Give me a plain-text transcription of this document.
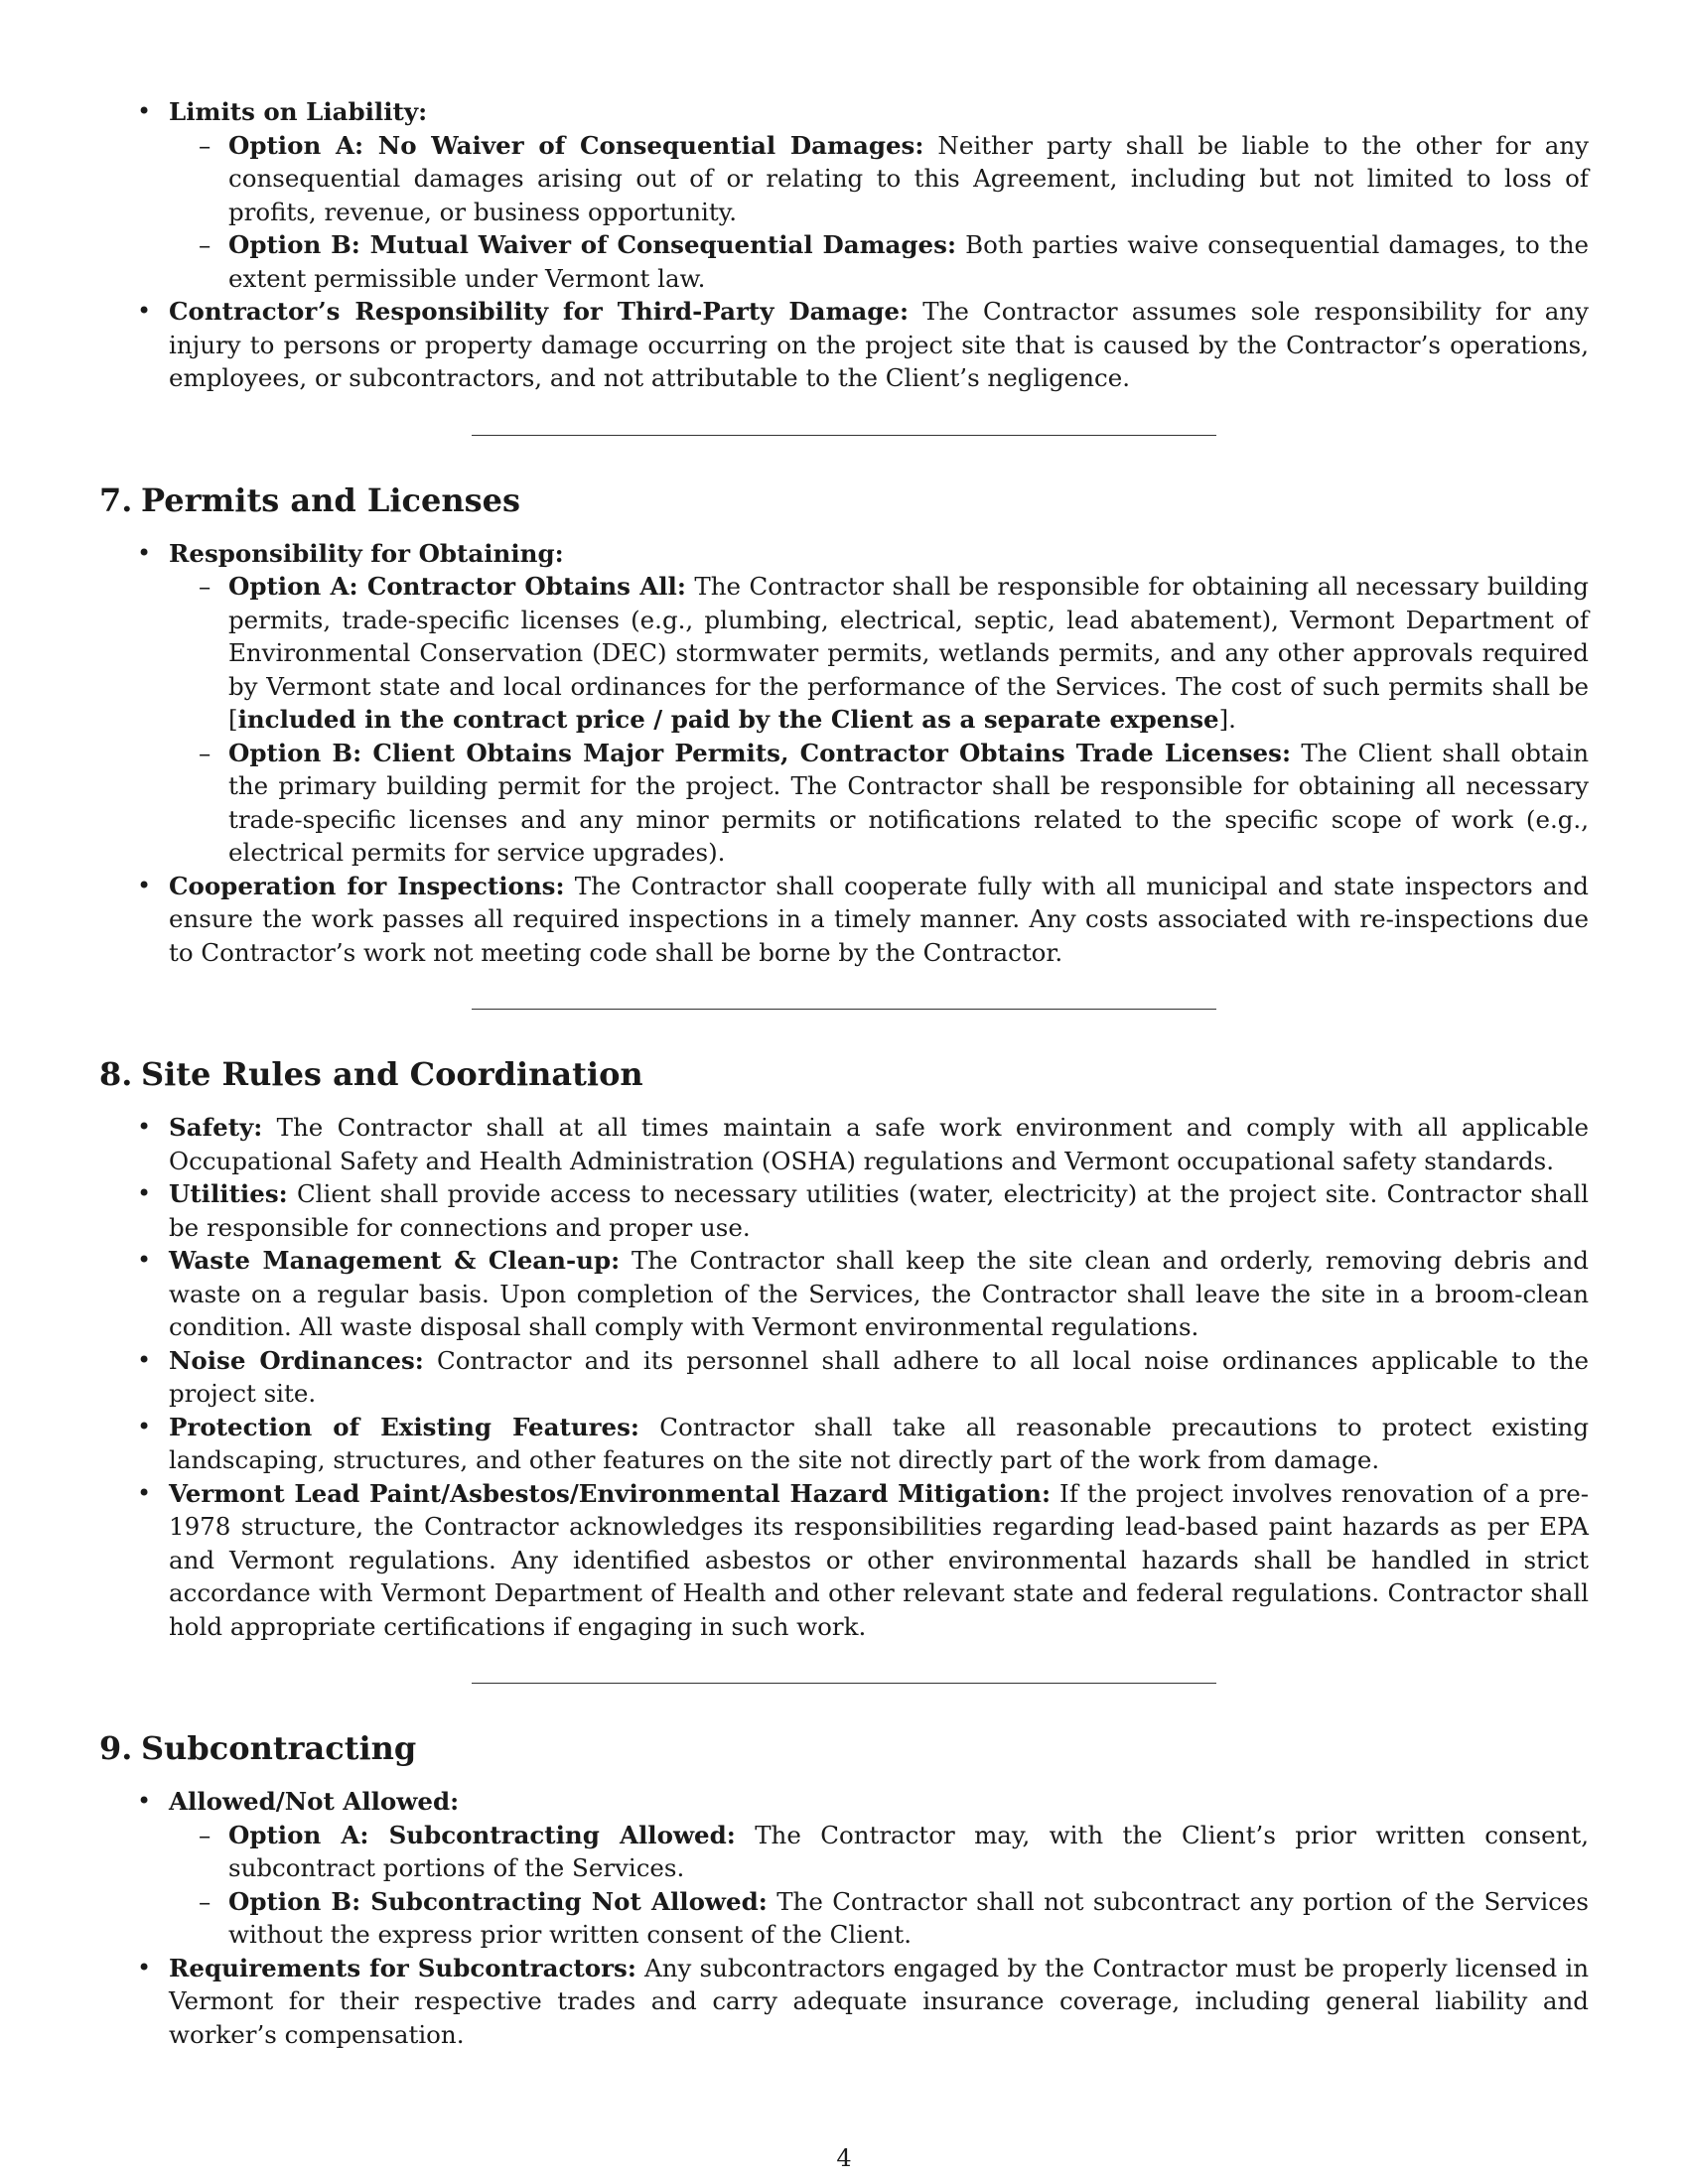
• Limits on Liability:
– Option A: No Waiver of Consequential Damages: Neither party shall be liable to the other for any consequential damages arising out of or relating to this Agreement, including but not limited to loss of profits, revenue, or business opportunity.
– Option B: Mutual Waiver of Consequential Damages: Both parties waive consequential damages, to the extent permissible under Vermont law.
• Contractor’s Responsibility for Third-Party Damage: The Contractor assumes sole responsibility for any injury to persons or property damage occurring on the project site that is caused by the Contractor’s operations, employees, or subcontractors, and not attributable to the Client’s negligence.
7. Permits and Licenses
• Responsibility for Obtaining:
– Option A: Contractor Obtains All: The Contractor shall be responsible for obtaining all necessary building permits, trade-specific licenses (e.g., plumbing, electrical, septic, lead abatement), Vermont Department of Environmental Conservation (DEC) stormwater permits, wetlands permits, and any other approvals required by Vermont state and local ordinances for the performance of the Services. The cost of such permits shall be [included in the contract price / paid by the Client as a separate expense].
– Option B: Client Obtains Major Permits, Contractor Obtains Trade Licenses: The Client shall obtain the primary building permit for the project. The Contractor shall be responsible for obtaining all necessary trade-specific licenses and any minor permits or notifications related to the specific scope of work (e.g., electrical permits for service upgrades).
• Cooperation for Inspections: The Contractor shall cooperate fully with all municipal and state inspectors and ensure the work passes all required inspections in a timely manner. Any costs associated with re-inspections due to Contractor’s work not meeting code shall be borne by the Contractor.
8. Site Rules and Coordination
• Safety: The Contractor shall at all times maintain a safe work environment and comply with all applicable Occupational Safety and Health Administration (OSHA) regulations and Vermont occupational safety standards.
• Utilities: Client shall provide access to necessary utilities (water, electricity) at the project site. Contractor shall be responsible for connections and proper use.
• Waste Management & Clean-up: The Contractor shall keep the site clean and orderly, removing debris and waste on a regular basis. Upon completion of the Services, the Contractor shall leave the site in a broom-clean condition. All waste disposal shall comply with Vermont environmental regulations.
• Noise Ordinances: Contractor and its personnel shall adhere to all local noise ordinances applicable to the project site.
• Protection of Existing Features: Contractor shall take all reasonable precautions to protect existing landscaping, structures, and other features on the site not directly part of the work from damage.
• Vermont Lead Paint/Asbestos/Environmental Hazard Mitigation: If the project involves renovation of a pre-1978 structure, the Contractor acknowledges its responsibilities regarding lead-based paint hazards as per EPA and Vermont regulations. Any identified asbestos or other environmental hazards shall be handled in strict accordance with Vermont Department of Health and other relevant state and federal regulations. Contractor shall hold appropriate certifications if engaging in such work.
9. Subcontracting
• Allowed/Not Allowed:
– Option A: Subcontracting Allowed: The Contractor may, with the Client’s prior written consent, subcontract portions of the Services.
– Option B: Subcontracting Not Allowed: The Contractor shall not subcontract any portion of the Services without the express prior written consent of the Client.
• Requirements for Subcontractors: Any subcontractors engaged by the Contractor must be properly licensed in Vermont for their respective trades and carry adequate insurance coverage, including general liability and worker’s compensation.
4
